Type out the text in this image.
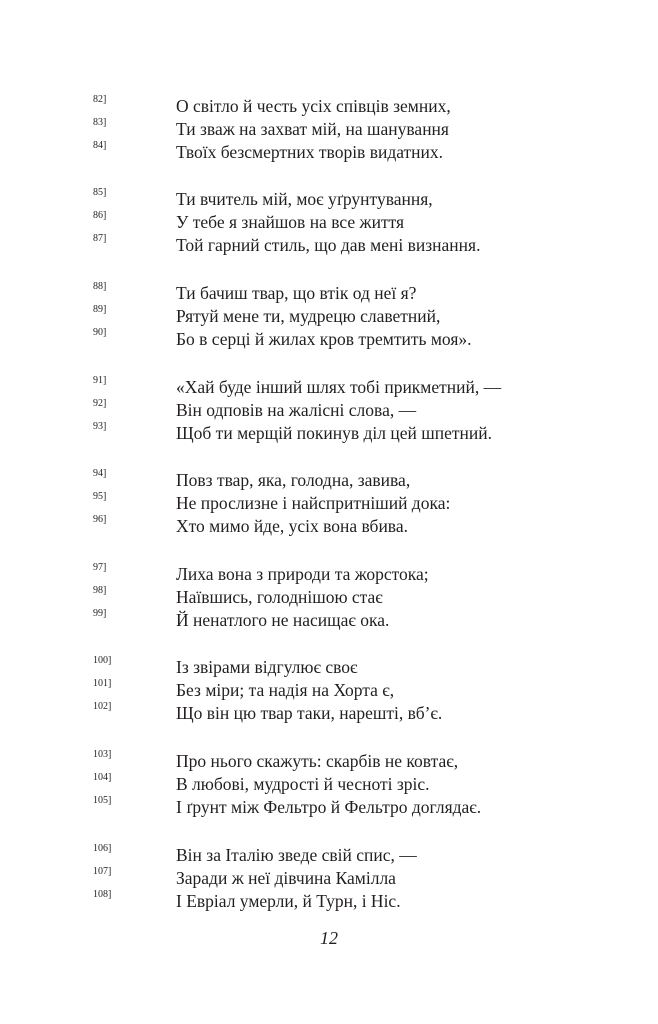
82]	О світло й честь усіх співців земних,
83]	Ти зваж на захват мій, на шанування
84]	Твоїх безсмертних творів видатних.
85]	Ти вчитель мій, моє уґрунтування,
86]	У тебе я знайшов на все життя
87]	Той гарний стиль, що дав мені визнання.
88]	Ти бачиш твар, що втік од неї я?
89]	Рятуй мене ти, мудрецю славетний,
90]	Бо в серці й жилах кров тремтить моя».
91]	«Хай буде інший шлях тобі прикметний, —
92]	Він одповів на жалісні слова, —
93]	Щоб ти мерщій покинув діл цей шпетний.
94]	Повз твар, яка, голодна, завива,
95]	Не прослизне і найспритніший дока:
96]	Хто мимо йде, усіх вона вбива.
97]	Лиха вона з природи та жорстока;
98]	Наївшись, голоднішою стає
99]	Й ненатлого не насищає ока.
100]	Із звірами відгулює своє
101]	Без міри; та надія на Хорта є,
102]	Що він цю твар таки, нарешті, вб’є.
103]	Про нього скажуть: скарбів не ковтає,
104]	В любові, мудрості й чесноті зріс.
105]	І ґрунт між Фельтро й Фельтро доглядає.
106]	Він за Італію зведе свій спис, —
107]	Заради ж неї дівчина Камілла
108]	І Евріал умерли, й Турн, і Ніс.
12
